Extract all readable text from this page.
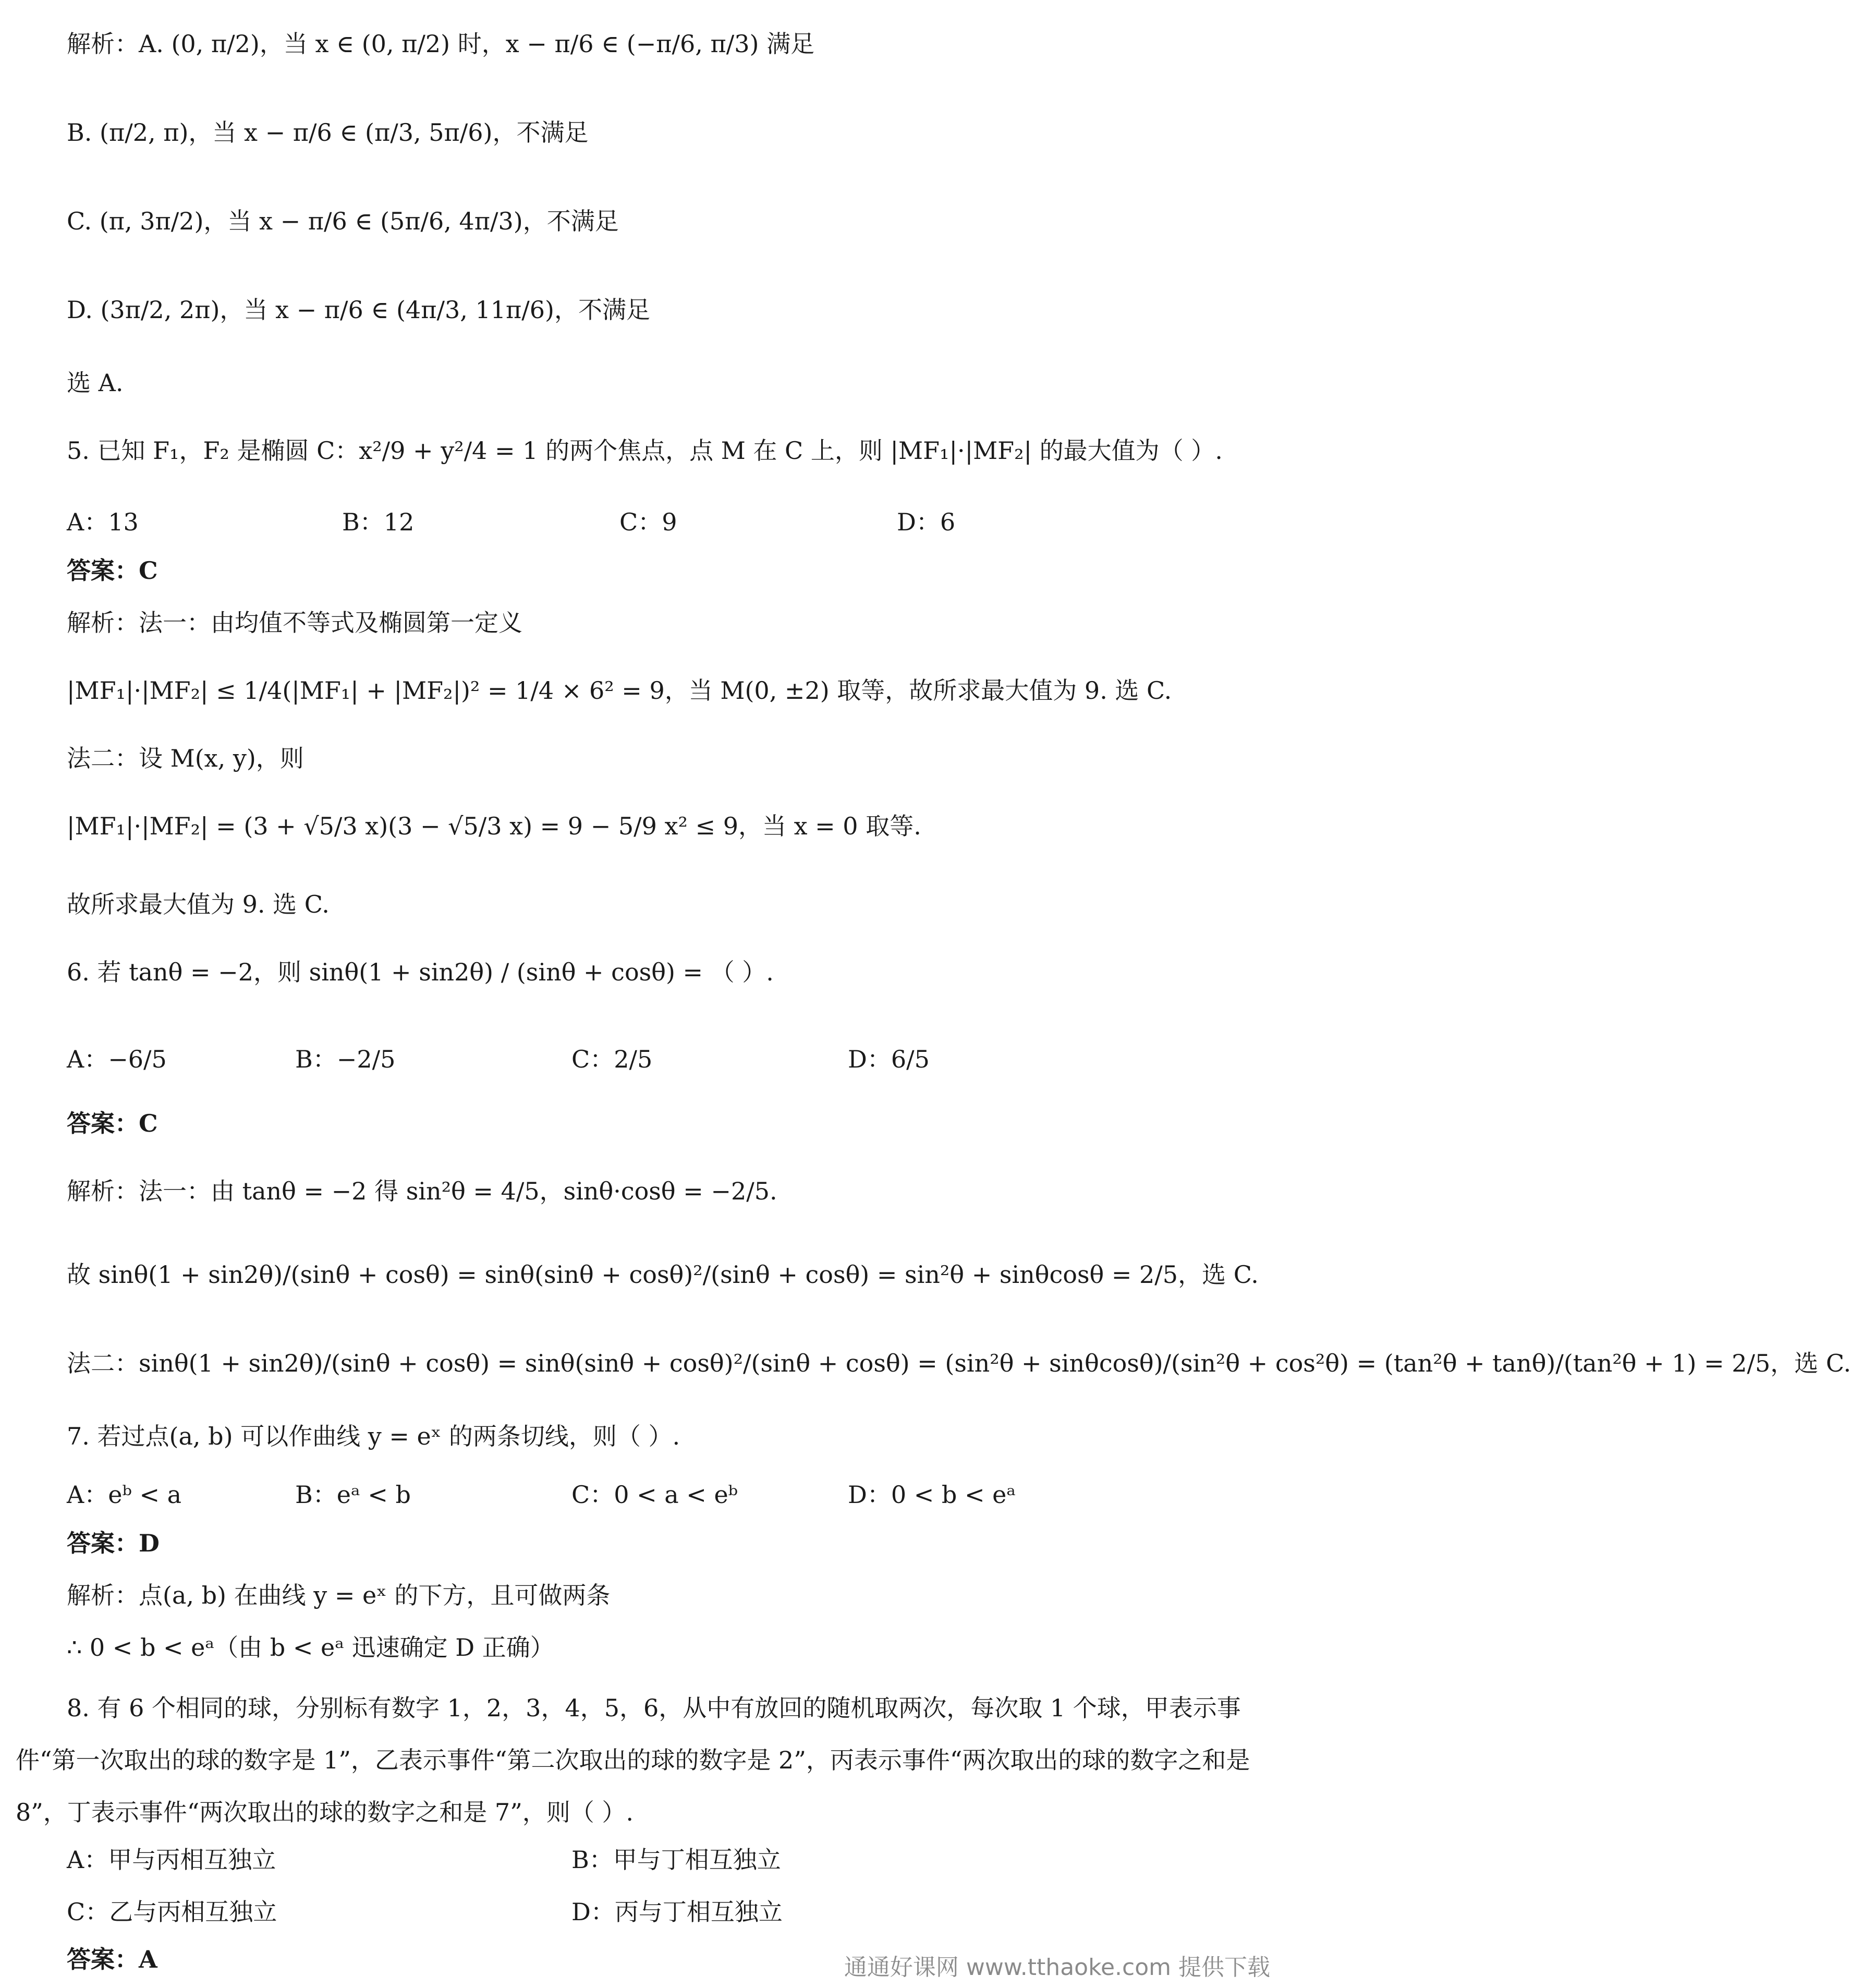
解析：A. (0, π/2)，当 x ∈ (0, π/2) 时，x − π/6 ∈ (−π/6, π/3) 满足
B. (π/2, π)，当 x − π/6 ∈ (π/3, 5π/6)，不满足
C. (π, 3π/2)，当 x − π/6 ∈ (5π/6, 4π/3)，不满足
D. (3π/2, 2π)，当 x − π/6 ∈ (4π/3, 11π/6)，不满足
选 A.
5. 已知 F₁，F₂ 是椭圆 C：x²/9 + y²/4 = 1 的两个焦点，点 M 在 C 上，则 |MF₁|·|MF₂| 的最大值为（ ）.
A：13	B：12	C：9	D：6
答案：C
解析：法一：由均值不等式及椭圆第一定义
|MF₁|·|MF₂| ≤ 1/4(|MF₁| + |MF₂|)² = 1/4 × 6² = 9，当 M(0, ±2) 取等，故所求最大值为 9. 选 C.
法二：设 M(x, y)，则
|MF₁|·|MF₂| = (3 + √5/3 x)(3 − √5/3 x) = 9 − 5/9 x² ≤ 9，当 x = 0 取等.
故所求最大值为 9. 选 C.
6. 若 tanθ = −2，则 sinθ(1 + sin2θ) / (sinθ + cosθ) = （ ）.
A：−6/5	B：−2/5	C：2/5	D：6/5
答案：C
解析：法一：由 tanθ = −2 得 sin²θ = 4/5，sinθ·cosθ = −2/5.
故 sinθ(1 + sin2θ)/(sinθ + cosθ) = sinθ(sinθ + cosθ)²/(sinθ + cosθ) = sin²θ + sinθcosθ = 2/5，选 C.
法二：sinθ(1 + sin2θ)/(sinθ + cosθ) = sinθ(sinθ + cosθ)²/(sinθ + cosθ) = (sin²θ + sinθcosθ)/(sin²θ + cos²θ) = (tan²θ + tanθ)/(tan²θ + 1) = 2/5，选 C.
7. 若过点(a, b) 可以作曲线 y = eˣ 的两条切线，则（ ）.
A：eᵇ < a	B：eᵃ < b	C：0 < a < eᵇ	D：0 < b < eᵃ
答案：D
解析：点(a, b) 在曲线 y = eˣ 的下方，且可做两条
∴ 0 < b < eᵃ（由 b < eᵃ 迅速确定 D 正确）
8. 有 6 个相同的球，分别标有数字 1，2，3，4，5，6，从中有放回的随机取两次，每次取 1 个球，甲表示事件“第一次取出的球的数字是 1”，乙表示事件“第二次取出的球的数字是 2”，丙表示事件“两次取出的球的数字之和是 8”，丁表示事件“两次取出的球的数字之和是 7”，则（ ）.
A：甲与丙相互独立	B：甲与丁相互独立
C：乙与丙相互独立	D：丙与丁相互独立
答案：A	通通好课网 www.tthaoke.com 提供下载
